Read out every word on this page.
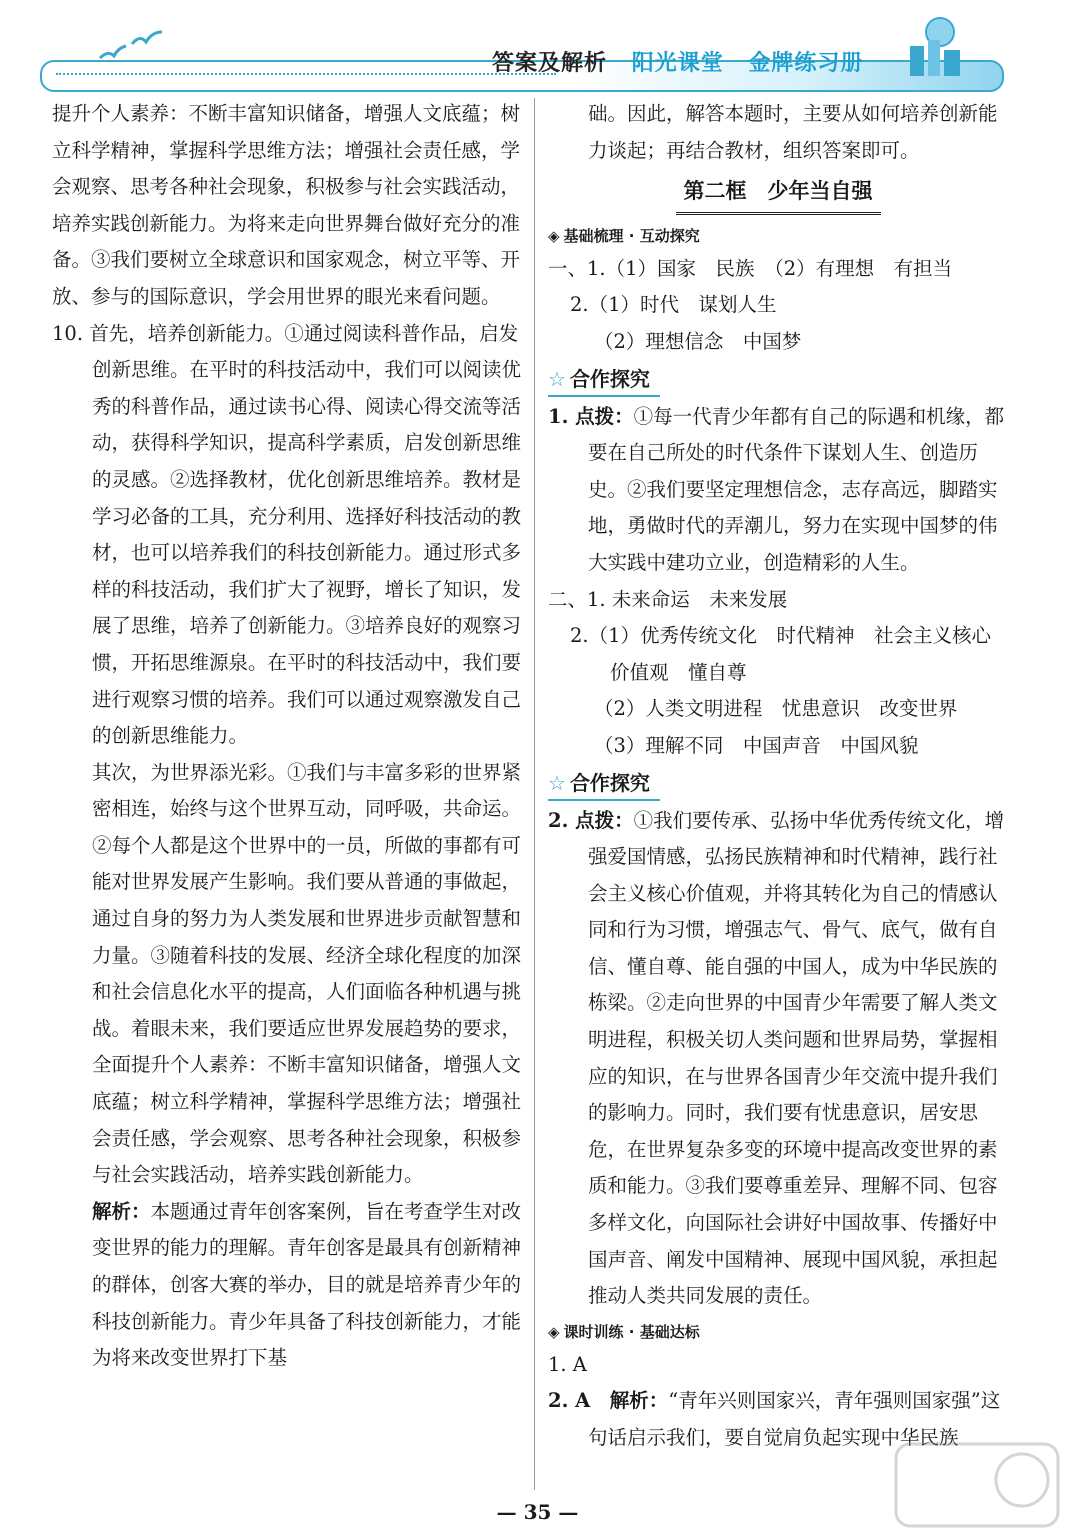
答案及解析 阳光课堂 金牌练习册

提升个人素养：不断丰富知识储备，增强人文底蕴；树立科学精神，掌握科学思维方法；增强社会责任感，学会观察、思考各种社会现象，积极参与社会实践活动，培养实践创新能力。为将来走向世界舞台做好充分的准备。③我们要树立全球意识和国家观念，树立平等、开放、参与的国际意识，学会用世界的眼光来看问题。

10. 首先，培养创新能力。①通过阅读科普作品，启发创新思维。在平时的科技活动中，我们可以阅读优秀的科普作品，通过读书心得、阅读心得交流等活动，获得科学知识，提高科学素质，启发创新思维的灵感。②选择教材，优化创新思维培养。教材是学习必备的工具，充分利用、选择好科技活动的教材，也可以培养我们的科技创新能力。通过形式多样的科技活动，我们扩大了视野，增长了知识，发展了思维，培养了创新能力。③培养良好的观察习惯，开拓思维源泉。在平时的科技活动中，我们要进行观察习惯的培养。我们可以通过观察激发自己的创新思维能力。

其次，为世界添光彩。①我们与丰富多彩的世界紧密相连，始终与这个世界互动，同呼吸，共命运。②每个人都是这个世界中的一员，所做的事都有可能对世界发展产生影响。我们要从普通的事做起，通过自身的努力为人类发展和世界进步贡献智慧和力量。③随着科技的发展、经济全球化程度的加深和社会信息化水平的提高，人们面临各种机遇与挑战。着眼未来，我们要适应世界发展趋势的要求，全面提升个人素养：不断丰富知识储备，增强人文底蕴；树立科学精神，掌握科学思维方法；增强社会责任感，学会观察、思考各种社会现象，积极参与社会实践活动，培养实践创新能力。

解析：本题通过青年创客案例，旨在考查学生对改变世界的能力的理解。青年创客是最具有创新精神的群体，创客大赛的举办，目的就是培养青少年的科技创新能力。青少年具备了科技创新能力，才能为将来改变世界打下基

础。因此，解答本题时，主要从如何培养创新能力谈起；再结合教材，组织答案即可。

第二框　少年当自强
◈ 基础梳理 · 互动探究

一、1.（1）国家　民族　（2）有理想　有担当

2.（1）时代　谋划人生

（2）理想信念　中国梦

☆ 合作探究

1. 点拨：①每一代青少年都有自己的际遇和机缘，都要在自己所处的时代条件下谋划人生、创造历史。②我们要坚定理想信念，志存高远，脚踏实地，勇做时代的弄潮儿，努力在实现中国梦的伟大实践中建功立业，创造精彩的人生。

二、1. 未来命运　未来发展

2.（1）优秀传统文化　时代精神　社会主义核心价值观　懂自尊

（2）人类文明进程　忧患意识　改变世界

（3）理解不同　中国声音　中国风貌

☆ 合作探究

2. 点拨：①我们要传承、弘扬中华优秀传统文化，增强爱国情感，弘扬民族精神和时代精神，践行社会主义核心价值观，并将其转化为自己的情感认同和行为习惯，增强志气、骨气、底气，做有自信、懂自尊、能自强的中国人，成为中华民族的栋梁。②走向世界的中国青少年需要了解人类文明进程，积极关切人类问题和世界局势，掌握相应的知识，在与世界各国青少年交流中提升我们的影响力。同时，我们要有忧患意识，居安思危，在世界复杂多变的环境中提高改变世界的素质和能力。③我们要尊重差异、理解不同、包容多样文化，向国际社会讲好中国故事、传播好中国声音、阐发中国精神、展现中国风貌，承担起推动人类共同发展的责任。

◈ 课时训练 · 基础达标

1. A

2. A　解析：“青年兴则国家兴，青年强则国家强”这句话启示我们，要自觉肩负起实现中华民族

— 35 —
